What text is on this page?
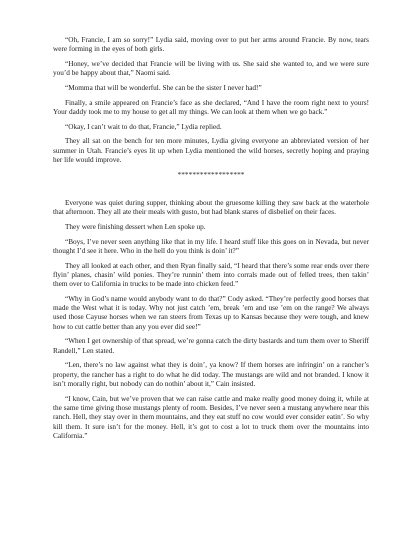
“Oh, Francie, I am so sorry!” Lydia said, moving over to put her arms around Francie. By now, tears were forming in the eyes of both girls.

“Honey, we’ve decided that Francie will be living with us. She said she wanted to, and we were sure you’d be happy about that,” Naomi said.

“Momma that will be wonderful. She can be the sister I never had!”

Finally, a smile appeared on Francie’s face as she declared, “And I have the room right next to yours! Your daddy took me to my house to get all my things. We can look at them when we go back.”

“Okay, I can’t wait to do that, Francie,” Lydia replied.

They all sat on the bench for ten more minutes, Lydia giving everyone an abbreviated version of her summer in Utah. Francie’s eyes lit up when Lydia mentioned the wild horses, secretly hoping and praying her life would improve.

******************

Everyone was quiet during supper, thinking about the gruesome killing they saw back at the waterhole that afternoon. They all ate their meals with gusto, but had blank stares of disbelief on their faces.

They were finishing dessert when Len spoke up.

“Boys, I’ve never seen anything like that in my life. I heard stuff like this goes on in Nevada, but never thought I’d see it here. Who in the hell do you think is doin’ it?”

They all looked at each other, and then Ryan finally said, “I heard that there’s some rear ends over there flyin’ planes, chasin’ wild ponies. They’re runnin’ them into corrals made out of felled trees, then takin’ them over to California in trucks to be made into chicken feed.”

“Why in God’s name would anybody want to do that?” Cody asked. “They’re perfectly good horses that made the West what it is today. Why not just catch ’em, break ’em and use ’em on the range? We always used those Cayuse horses when we ran steers from Texas up to Kansas because they were tough, and knew how to cut cattle better than any you ever did see!”

“When I get ownership of that spread, we’re gonna catch the dirty bastards and turn them over to Sheriff Randell,” Len stated.

“Len, there’s no law against what they is doin’, ya know? If them horses are infringin’ on a rancher’s property, the rancher has a right to do what he did today. The mustangs are wild and not branded. I know it isn’t morally right, but nobody can do nothin’ about it,” Cain insisted.

“I know, Cain, but we’ve proven that we can raise cattle and make really good money doing it, while at the same time giving those mustangs plenty of room. Besides, I’ve never seen a mustang anywhere near this ranch. Hell, they stay over in them mountains, and they eat stuff no cow would ever consider eatin’. So why kill them. It sure isn’t for the money. Hell, it’s got to cost a lot to truck them over the mountains into California.”
